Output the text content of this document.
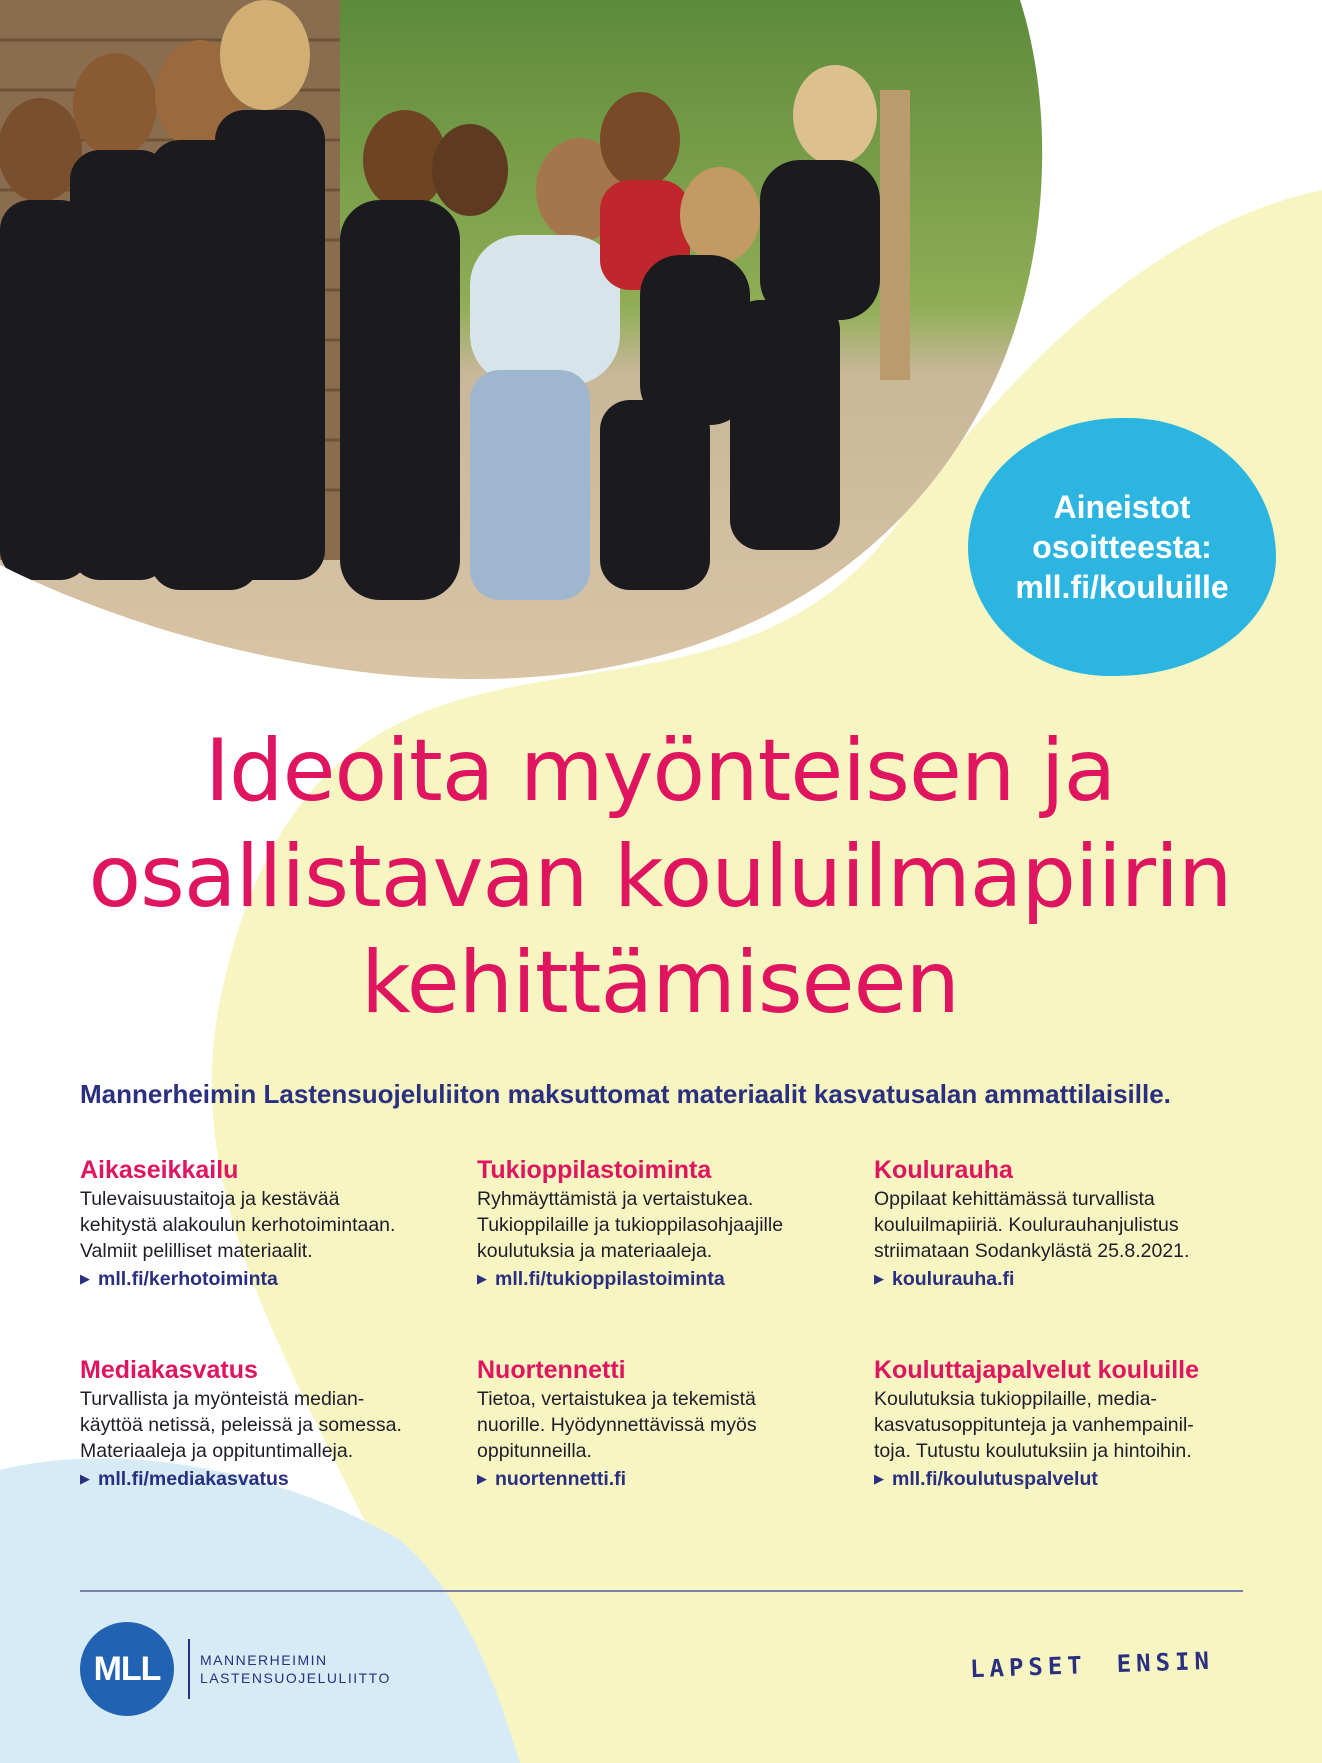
Aineistot
osoitteesta:
mll.fi/kouluille
Ideoita myönteisen ja
osallistavan kouluilmapiirin
kehittämiseen
Mannerheimin Lastensuojeluliiton maksuttomat materiaalit kasvatusalan ammattilaisille.
Aikaseikkailu

Tulevaisuustaitoja ja kestävää
kehitystä alakoulun kerhotoimintaan.
Valmiit pelilliset materiaalit.

▶ mll.fi/kerhotoiminta
Tukioppilastoiminta

Ryhmäyttämistä ja vertaistukea.
Tukioppilaille ja tukioppilasohjaajille
koulutuksia ja materiaaleja.

▶ mll.fi/tukioppilastoiminta
Koulurauha

Oppilaat kehittämässä turvallista
kouluilmapiiriä. Koulurauhanjulistus
striimataan Sodankylästä 25.8.2021.

▶ koulurauha.fi
Mediakasvatus

Turvallista ja myönteistä median-
käyttöä netissä, peleissä ja somessa.
Materiaaleja ja oppituntimalleja.

▶ mll.fi/mediakasvatus
Nuortennetti

Tietoa, vertaistukea ja tekemistä
nuorille. Hyödynnettävissä myös
oppitunneilla.

▶ nuortennetti.fi
Kouluttajapalvelut kouluille

Koulutuksia tukioppilaille, media-
kasvatusoppitunteja ja vanhempainil-
toja. Tutustu koulutuksiin ja hintoihin.

▶ mll.fi/koulutuspalvelut
MLL	MANNERHEIMIN
LASTENSUOJELULIITTO	LAPSET ENSIN
